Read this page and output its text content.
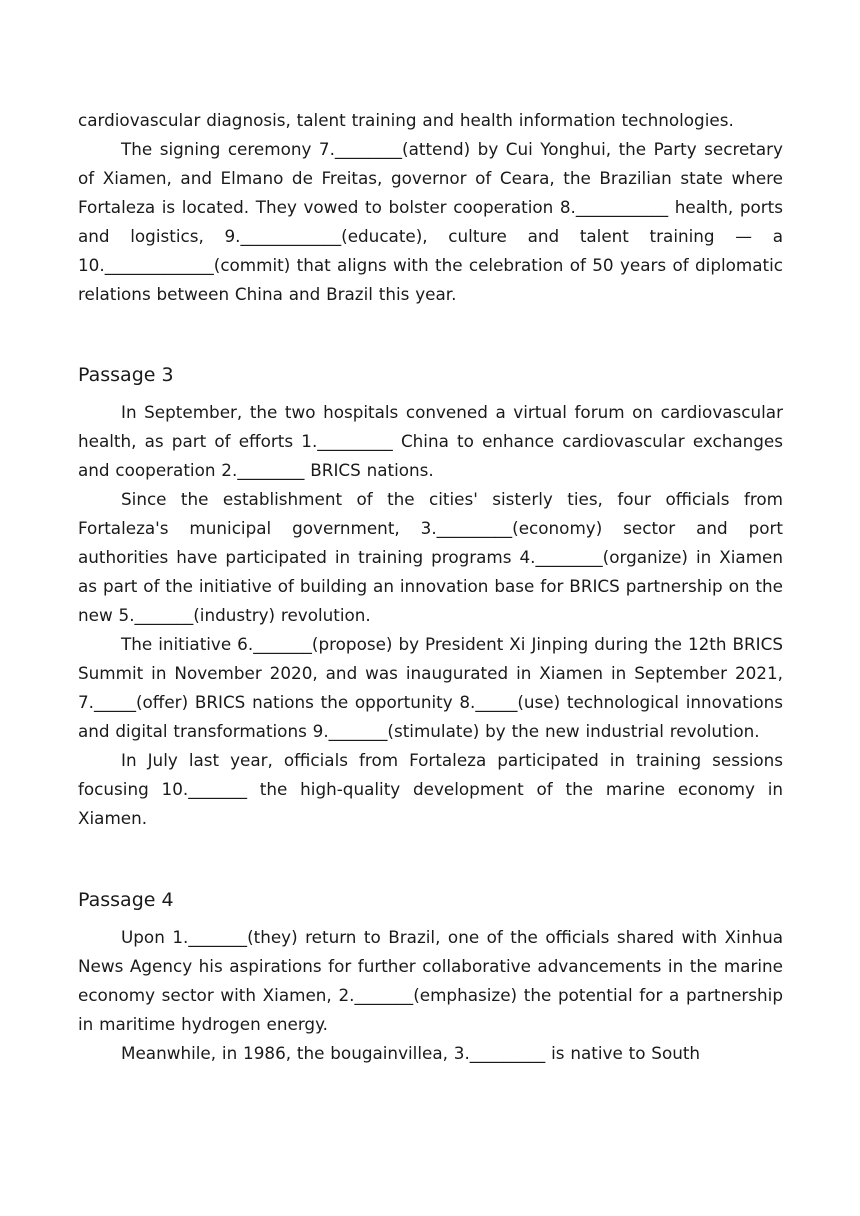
cardiovascular diagnosis, talent training and health information technologies.

The signing ceremony 7.________(attend) by Cui Yonghui, the Party secretary of Xiamen, and Elmano de Freitas, governor of Ceara, the Brazilian state where Fortaleza is located. They vowed to bolster cooperation 8.___________ health, ports and logistics, 9.____________(educate), culture and talent training — a 10._____________(commit) that aligns with the celebration of 50 years of diplomatic relations between China and Brazil this year.

Passage 3

In September, the two hospitals convened a virtual forum on cardiovascular health, as part of efforts 1._________ China to enhance cardiovascular exchanges and cooperation 2.________ BRICS nations.

Since the establishment of the cities' sisterly ties, four officials from Fortaleza's municipal government, 3._________(economy) sector and port authorities have participated in training programs 4.________(organize) in Xiamen as part of the initiative of building an innovation base for BRICS partnership on the new 5._______(industry) revolution.

The initiative 6._______(propose) by President Xi Jinping during the 12th BRICS Summit in November 2020, and was inaugurated in Xiamen in September 2021, 7._____(offer) BRICS nations the opportunity 8._____(use) technological innovations and digital transformations 9._______(stimulate) by the new industrial revolution.

In July last year, officials from Fortaleza participated in training sessions focusing 10._______ the high-quality development of the marine economy in Xiamen.

Passage 4

Upon 1._______(they) return to Brazil, one of the officials shared with Xinhua News Agency his aspirations for further collaborative advancements in the marine economy sector with Xiamen, 2._______(emphasize) the potential for a partnership in maritime hydrogen energy.

Meanwhile, in 1986, the bougainvillea, 3._________ is native to South
